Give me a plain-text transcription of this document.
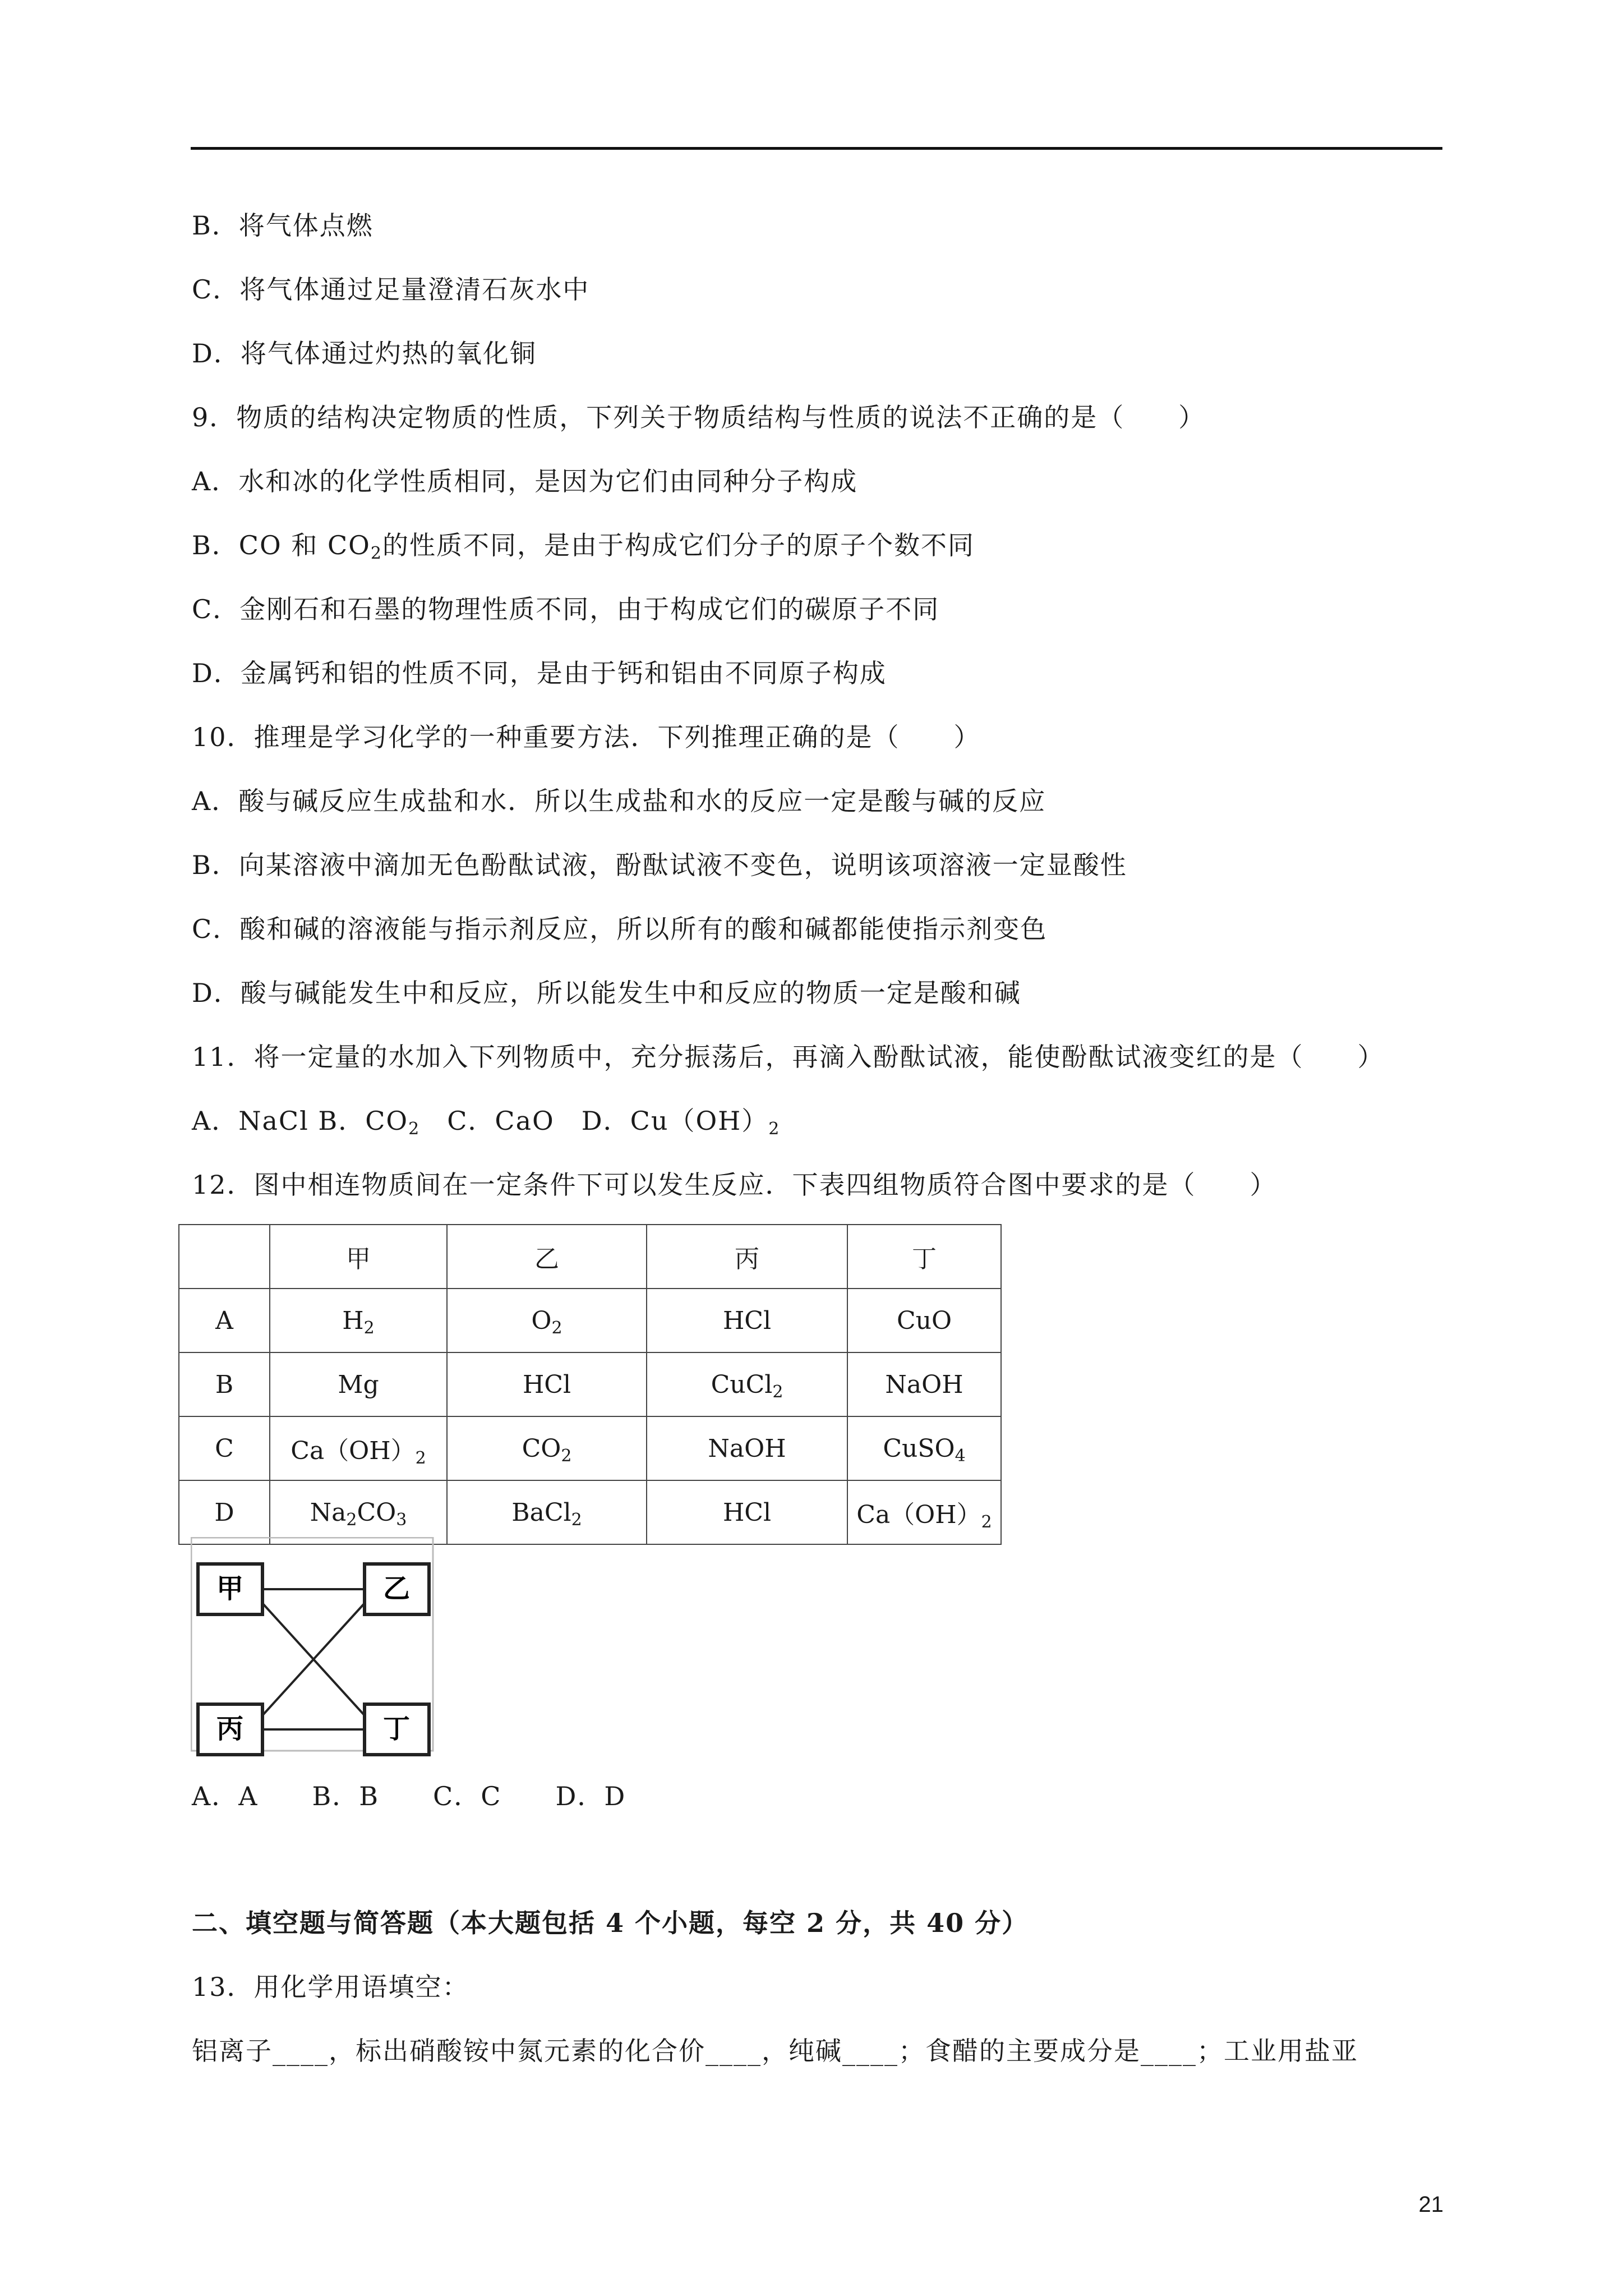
B．将气体点燃
C．将气体通过足量澄清石灰水中
D．将气体通过灼热的氧化铜
9．物质的结构决定物质的性质，下列关于物质结构与性质的说法不正确的是（　　）
A．水和冰的化学性质相同，是因为它们由同种分子构成
B．CO 和 $CO_2$的性质不同，是由于构成它们分子的原子个数不同
C．金刚石和石墨的物理性质不同，由于构成它们的碳原子不同
D．金属钙和铝的性质不同，是由于钙和铝由不同原子构成
10．推理是学习化学的一种重要方法．下列推理正确的是（　　）
A．酸与碱反应生成盐和水．所以生成盐和水的反应一定是酸与碱的反应
B．向某溶液中滴加无色酚酞试液，酚酞试液不变色，说明该项溶液一定显酸性
C．酸和碱的溶液能与指示剂反应，所以所有的酸和碱都能使指示剂变色
D．酸与碱能发生中和反应，所以能发生中和反应的物质一定是酸和碱
11．将一定量的水加入下列物质中，充分振荡后，再滴入酚酞试液，能使酚酞试液变红的是（　　）
A．NaCl B．$CO_2$　C．CaO　D．$Cu(OH)_2$
12．图中相连物质间在一定条件下可以发生反应．下表四组物质符合图中要求的是（　　）
	甲	乙	丙	丁
A	$H_2$	$O_2$	HCl	CuO
B	Mg	HCl	CuCl$_2$	NaOH
C	$Ca(OH)_2$	$CO_2$	NaOH	CuSO$_4$
D	$Na_2CO_3$	BaCl$_2$	HCl	$Ca(OH)_2$
甲	乙
丙	丁
A．A　　B．B　　C．C　　D．D
二、填空题与简答题（本大题包括 4 个小题，每空 2 分，共 40 分）
13．用化学用语填空：
铝离子____，标出硝酸铵中氮元素的化合价____，纯碱____；食醋的主要成分是____；工业用盐亚
21
